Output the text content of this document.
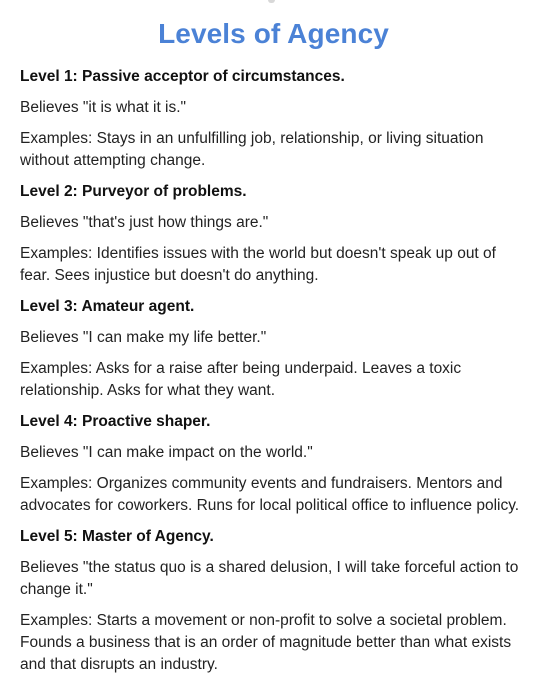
Levels of Agency

Level 1: Passive acceptor of circumstances.

Believes "it is what it is."

Examples: Stays in an unfulfilling job, relationship, or living situation without attempting change.

Level 2: Purveyor of problems.

Believes "that's just how things are."

Examples: Identifies issues with the world but doesn't speak up out of fear. Sees injustice but doesn't do anything.

Level 3: Amateur agent.

Believes "I can make my life better."

Examples: Asks for a raise after being underpaid. Leaves a toxic relationship. Asks for what they want.

Level 4: Proactive shaper.

Believes "I can make impact on the world."

Examples: Organizes community events and fundraisers. Mentors and advocates for coworkers. Runs for local political office to influence policy.

Level 5: Master of Agency.

Believes "the status quo is a shared delusion, I will take forceful action to change it."

Examples: Starts a movement or non-profit to solve a societal problem. Founds a business that is an order of magnitude better than what exists and that disrupts an industry.
